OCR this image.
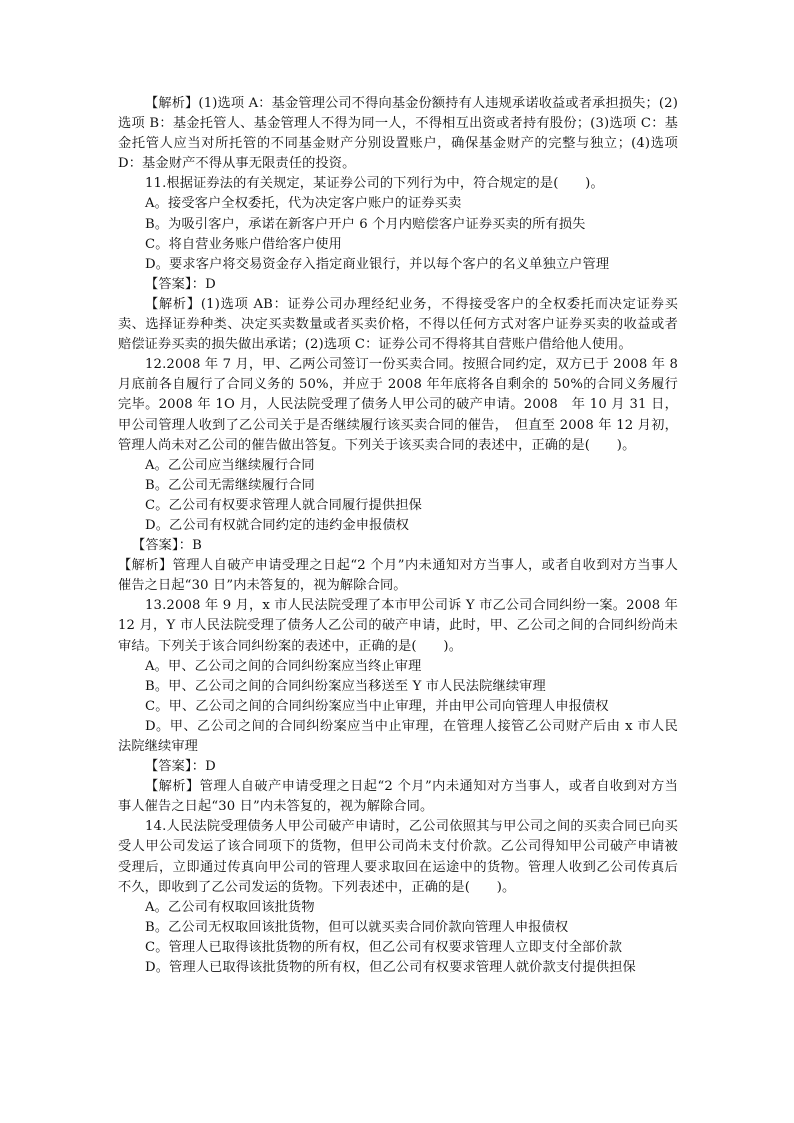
【解析】(1)选项 A：基金管理公司不得向基金份额持有人违规承诺收益或者承担损失；(2)选项 B：基金托管人、基金管理人不得为同一人，不得相互出资或者持有股份；(3)选项 C：基金托管人应当对所托管的不同基金财产分别设置账户，确保基金财产的完整与独立；(4)选项 D：基金财产不得从事无限责任的投资。

11.根据证券法的有关规定，某证券公司的下列行为中，符合规定的是(　　)。

A。接受客户全权委托，代为决定客户账户的证券买卖

B。为吸引客户，承诺在新客户开户 6 个月内赔偿客户证券买卖的所有损失

C。将自营业务账户借给客户使用

D。要求客户将交易资金存入指定商业银行，并以每个客户的名义单独立户管理

【答案】：D

【解析】(1)选项 AB：证券公司办理经纪业务，不得接受客户的全权委托而决定证券买卖、选择证券种类、决定买卖数量或者买卖价格，不得以任何方式对客户证券买卖的收益或者赔偿证券买卖的损失做出承诺；(2)选项 C：证券公司不得将其自营账户借给他人使用。

12.2008 年 7 月，甲、乙两公司签订一份买卖合同。按照合同约定，双方已于 2008 年 8 月底前各自履行了合同义务的 50%，并应于 2008 年年底将各自剩余的 50%的合同义务履行完毕。2008 年 1O 月，人民法院受理了债务人甲公司的破产申请。2008　年 10 月 31 日，甲公司管理人收到了乙公司关于是否继续履行该买卖合同的催告，　但直至 2008 年 12 月初，管理人尚未对乙公司的催告做出答复。下列关于该买卖合同的表述中，正确的是(　　)。

A。乙公司应当继续履行合同

B。乙公司无需继续履行合同

C。乙公司有权要求管理人就合同履行提供担保

D。乙公司有权就合同约定的违约金申报债权

【答案】：B

【解析】管理人自破产申请受理之日起“2 个月”内未通知对方当事人，或者自收到对方当事人催告之日起“30 日”内未答复的，视为解除合同。

13.2008 年 9 月，x 市人民法院受理了本市甲公司诉 Y 市乙公司合同纠纷一案。2008 年 12 月，Y 市人民法院受理了债务人乙公司的破产申请，此时，甲、乙公司之间的合同纠纷尚未审结。下列关于该合同纠纷案的表述中，正确的是(　　)。

A。甲、乙公司之间的合同纠纷案应当终止审理

B。甲、乙公司之间的合同纠纷案应当移送至 Y 市人民法院继续审理

C。甲、乙公司之间的合同纠纷案应当中止审理，并由甲公司向管理人申报债权

D。甲、乙公司之间的合同纠纷案应当中止审理，在管理人接管乙公司财产后由 x 市人民法院继续审理

【答案】：D

【解析】管理人自破产申请受理之日起“2 个月”内未通知对方当事人，或者自收到对方当事人催告之日起“30 日”内未答复的，视为解除合同。

14.人民法院受理债务人甲公司破产申请时，乙公司依照其与甲公司之间的买卖合同已向买受人甲公司发运了该合同项下的货物，但甲公司尚未支付价款。乙公司得知甲公司破产申请被受理后，立即通过传真向甲公司的管理人要求取回在运途中的货物。管理人收到乙公司传真后不久，即收到了乙公司发运的货物。下列表述中，正确的是(　　)。

A。乙公司有权取回该批货物

B。乙公司无权取回该批货物，但可以就买卖合同价款向管理人申报债权

C。管理人已取得该批货物的所有权，但乙公司有权要求管理人立即支付全部价款

D。管理人已取得该批货物的所有权，但乙公司有权要求管理人就价款支付提供担保
